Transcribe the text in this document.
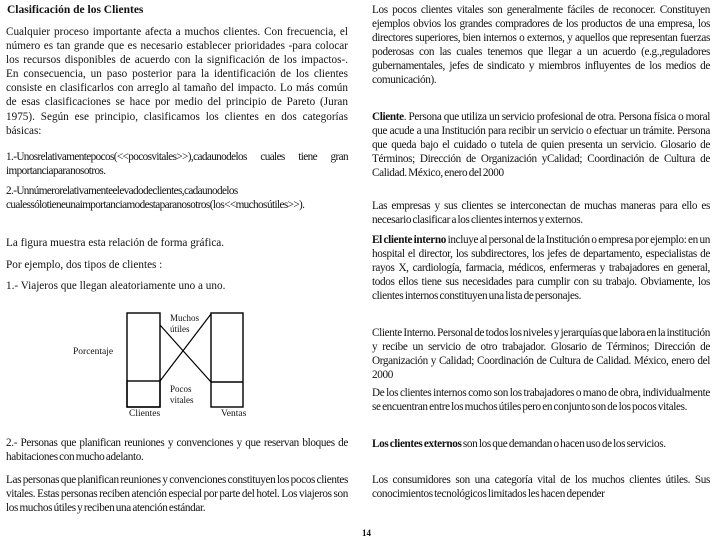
Clasificación de los Clientes

Cualquier proceso importante afecta a muchos clientes. Con frecuencia, el número es tan grande que es necesario establecer prioridades -para colocar los recursos disponibles de acuerdo con la significación de los impactos-. En consecuencia, un paso posterior para la identificación de los clientes consiste en clasificarlos con arreglo al tamaño del impacto. Lo más común de esas clasificaciones se hace por medio del principio de Pareto (Juran 1975). Según ese principio, clasificamos los clientes en dos categorías básicas:

1.-Unosrelativamentepocos(<<pocosvitales>>),cadaunodelos cuales tiene gran importancia para nosotros.

2.-Unnúmerorelativamenteelevadodeclientes,cadaunodelos cualessólotieneunaimportanciamodestaparanosotros (los<<muchos útiles>>).

La figura muestra esta relación de forma gráfica.

Por ejemplo, dos tipos de clientes :

1.- Viajeros que llegan aleatoriamente uno a uno.

Muchos útiles
Porcentaje
Pocos vitales
Clientes	Ventas

2.- Personas que planifican reuniones y convenciones y que reservan bloques de habitaciones con mucho adelanto.

Las personas que planifican reuniones y convenciones constituyen los pocos clientes vitales. Estas personas reciben atención especial por parte del hotel. Los viajeros son los muchos útiles y reciben una atención estándar.

Los pocos clientes vitales son generalmente fáciles de reconocer. Constituyen ejemplos obvios los grandes compradores de los productos de una empresa, los directores superiores, bien internos o externos, y aquellos que representan fuerzas poderosas con las cuales tenemos que llegar a un acuerdo (e.g.,reguladores gubernamentales, jefes de sindicato y miembros influyentes de los medios de comunicación).

Cliente. Persona que utiliza un servicio profesional de otra. Persona física o moral que acude a una Institución para recibir un servicio o efectuar un trámite. Persona que queda bajo el cuidado o tutela de quien presenta un servicio. Glosario de Términos; Dirección de Organización yCalidad; Coordinación de Cultura de Calidad. México, enero del 2000

Las empresas y sus clientes se interconectan de muchas maneras para ello es necesario clasificar a los clientes internos y externos.

El cliente interno incluye al personal de la Institución o empresa por ejemplo: en un hospital el director, los subdirectores, los jefes de departamento, especialistas de rayos X, cardiología, farmacia, médicos, enfermeras y trabajadores en general, todos ellos tiene sus necesidades para cumplir con su trabajo. Obviamente, los clientes internos constituyen una lista de personajes.

Cliente Interno. Personal de todos los niveles y jerarquías que labora en la institución y recibe un servicio de otro trabajador. Glosario de Términos; Dirección de Organización y Calidad; Coordinación de Cultura de Calidad. México, enero del 2000

De los clientes internos como son los trabajadores o mano de obra, individualmente se encuentran entre los muchos útiles pero en conjunto son de los pocos vitales.

Los clientes externos son los que demandan o hacen uso de los servicios.

Los consumidores son una categoría vital de los muchos clientes útiles. Sus conocimientos tecnológicos limitados les hacen depender

14
